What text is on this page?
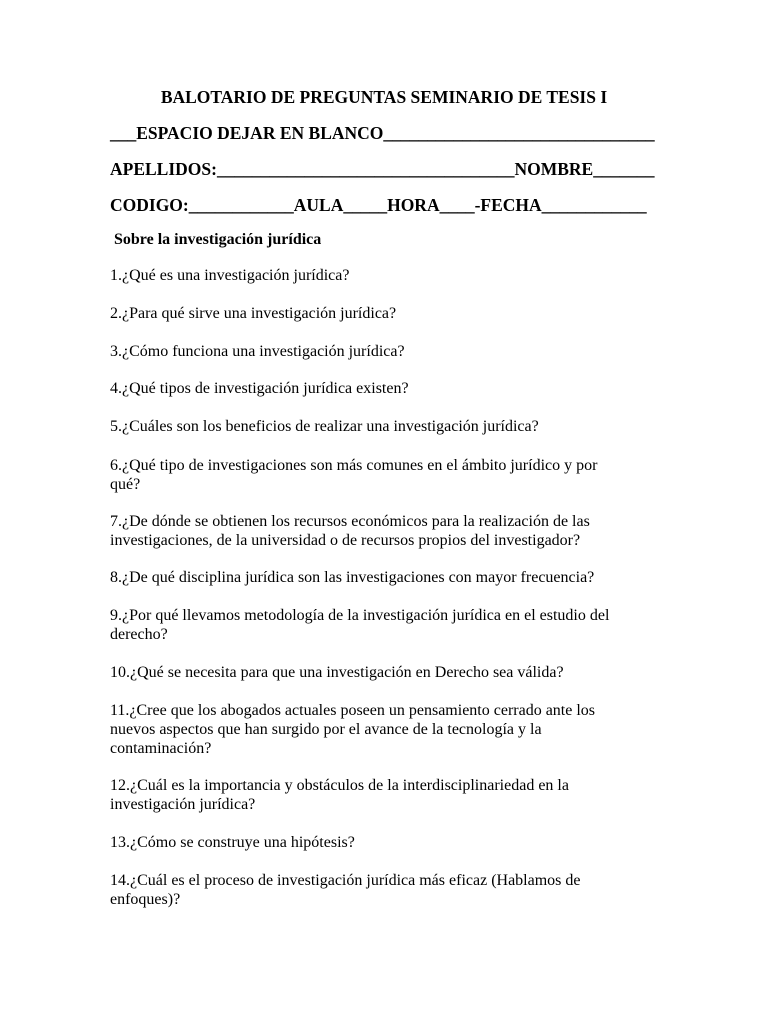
BALOTARIO DE PREGUNTAS SEMINARIO DE TESIS I
___ESPACIO DEJAR EN BLANCO_______________________________
APELLIDOS:__________________________________NOMBRE_______
CODIGO:____________AULA_____HORA____-FECHA____________
Sobre la investigación jurídica
1.¿Qué es una investigación jurídica?
2.¿Para qué sirve una investigación jurídica?
3.¿Cómo funciona una investigación jurídica?
4.¿Qué tipos de investigación jurídica existen?
5.¿Cuáles son los beneficios de realizar una investigación jurídica?
6.¿Qué tipo de investigaciones son más comunes en el ámbito jurídico y por
qué?
7.¿De dónde se obtienen los recursos económicos para la realización de las
investigaciones, de la universidad o de recursos propios del investigador?
8.¿De qué disciplina jurídica son las investigaciones con mayor frecuencia?
9.¿Por qué llevamos metodología de la investigación jurídica en el estudio del
derecho?
10.¿Qué se necesita para que una investigación en Derecho sea válida?
11.¿Cree que los abogados actuales poseen un pensamiento cerrado ante los
nuevos aspectos que han surgido por el avance de la tecnología y la
contaminación?
12.¿Cuál es la importancia y obstáculos de la interdisciplinariedad en la
investigación jurídica?
13.¿Cómo se construye una hipótesis?
14.¿Cuál es el proceso de investigación jurídica más eficaz (Hablamos de
enfoques)?
